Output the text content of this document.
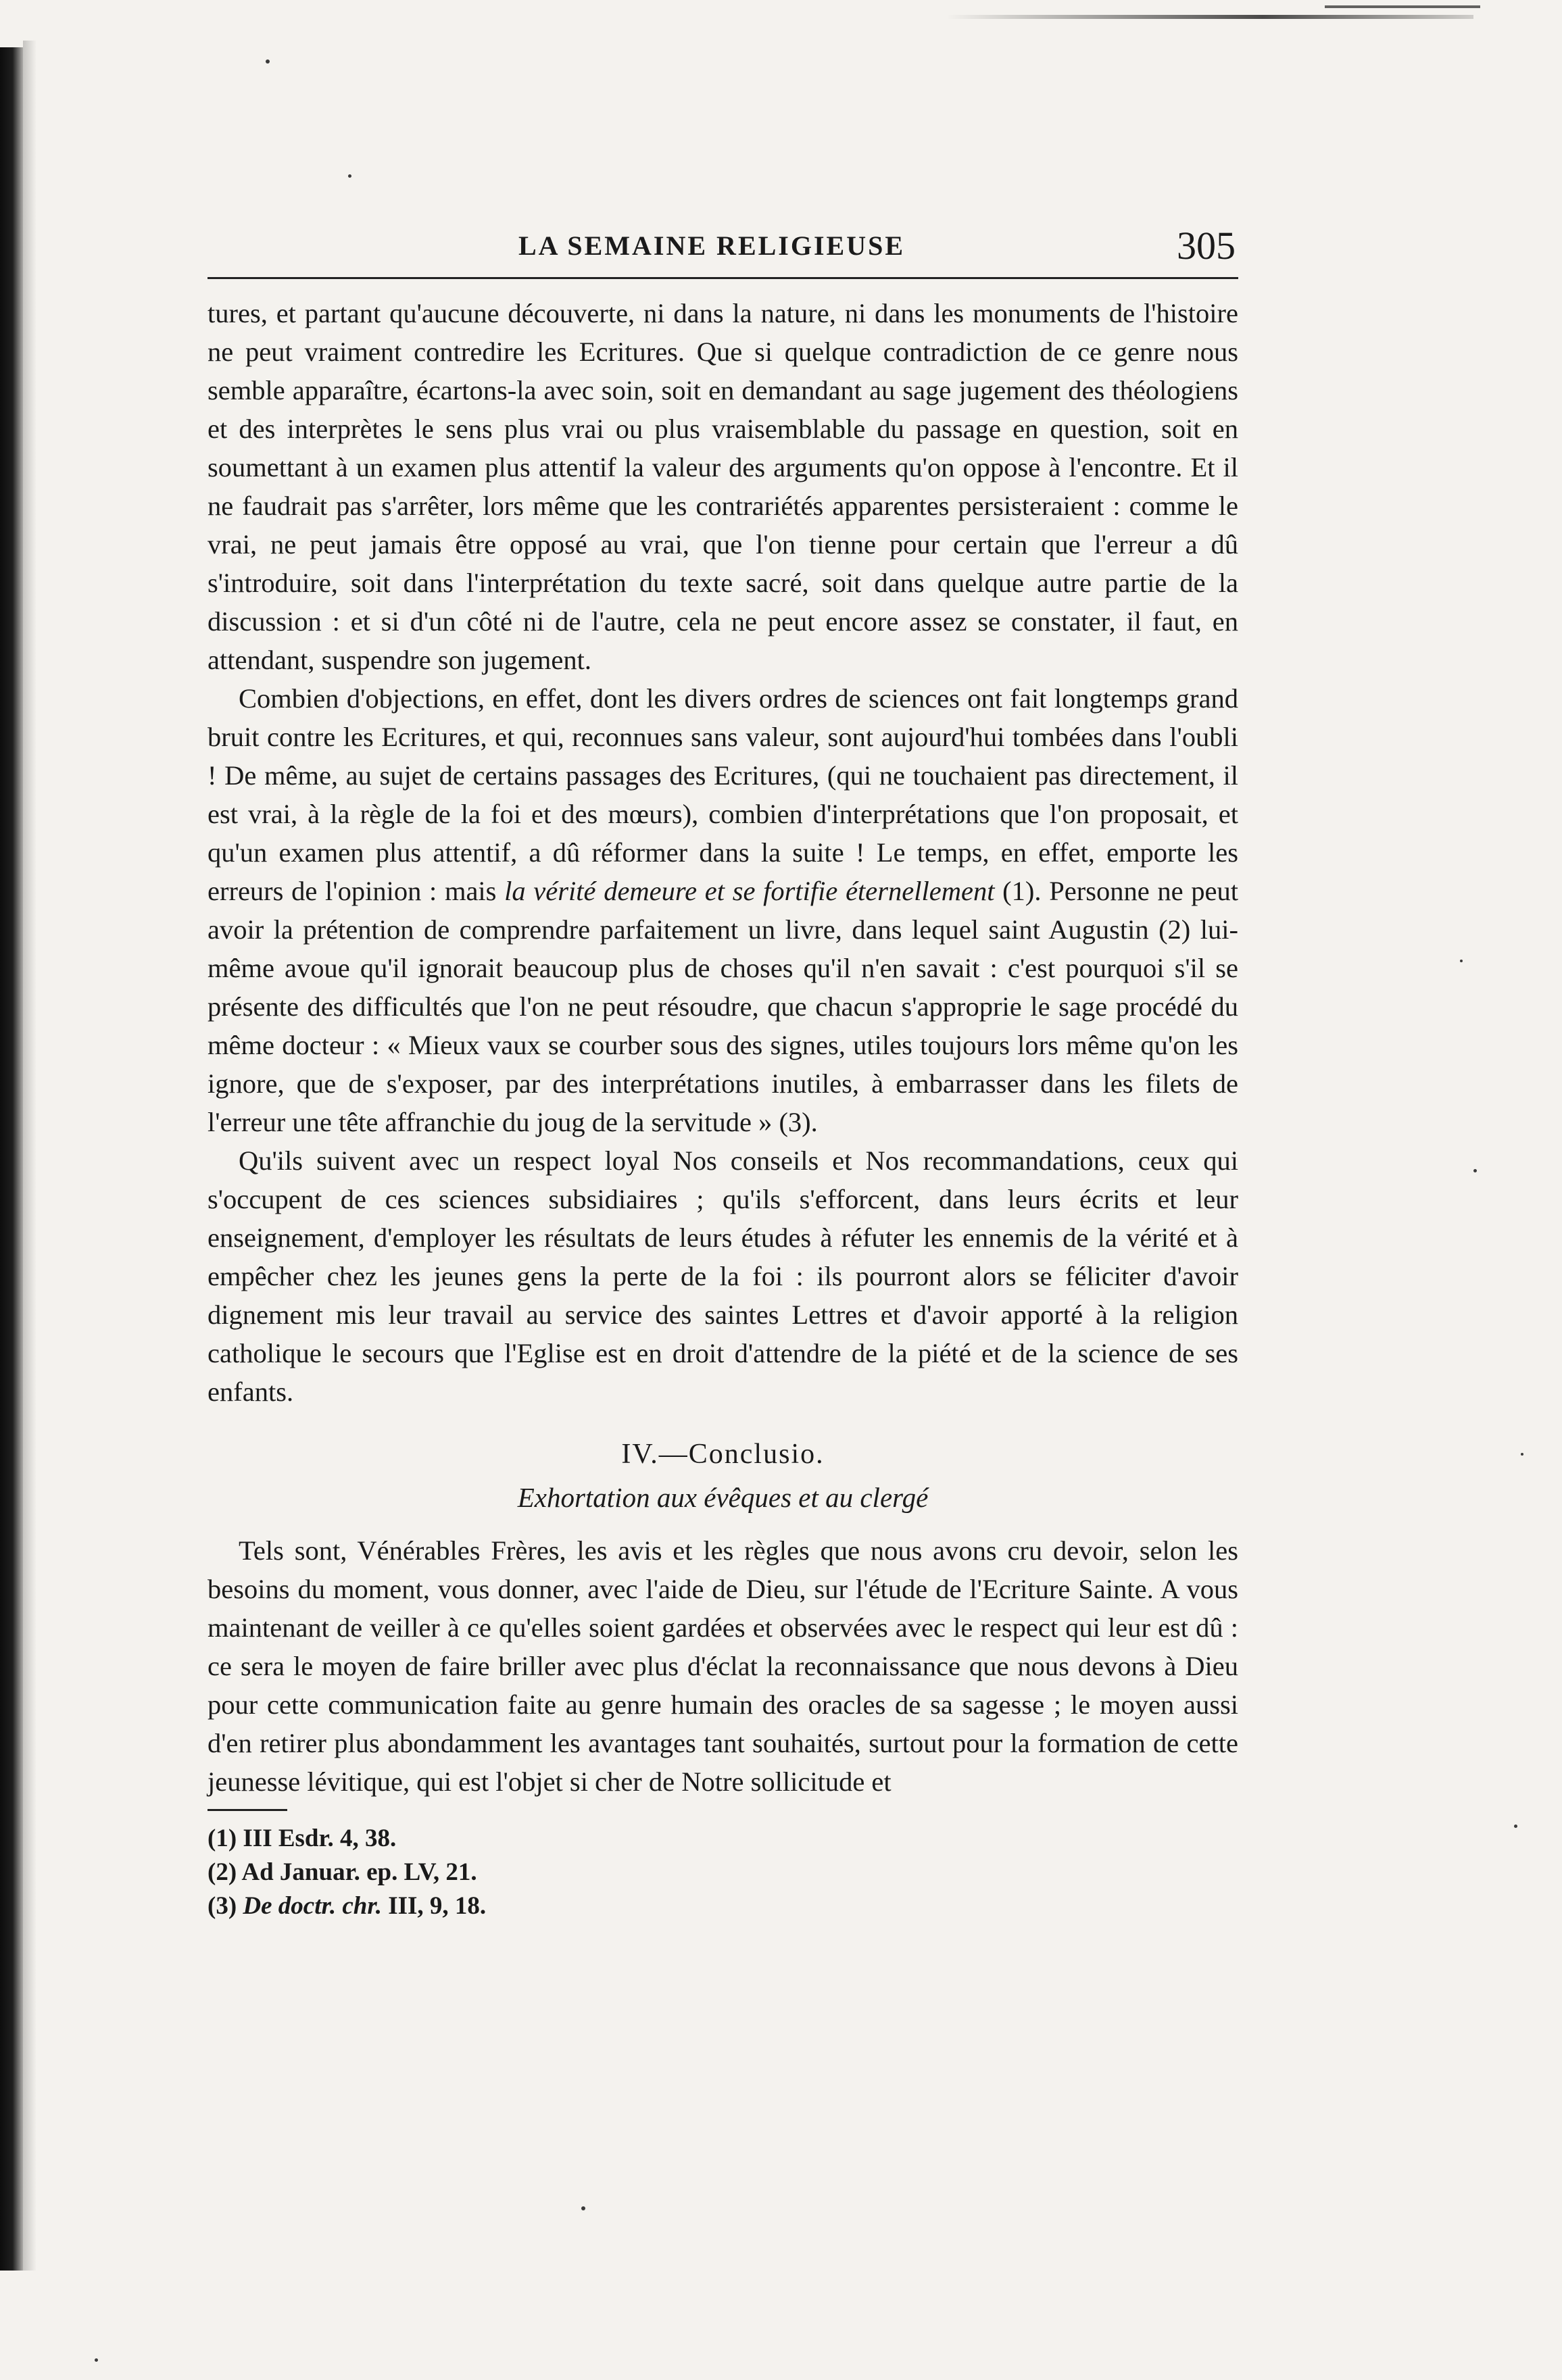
LA SEMAINE RELIGIEUSE	305

tures, et partant qu'aucune découverte, ni dans la nature, ni dans les monuments de l'histoire ne peut vraiment contredire les Ecritures. Que si quelque contradiction de ce genre nous semble apparaître, écartons-la avec soin, soit en demandant au sage jugement des théologiens et des interprètes le sens plus vrai ou plus vraisemblable du passage en question, soit en soumettant à un examen plus attentif la valeur des arguments qu'on oppose à l'encontre. Et il ne faudrait pas s'arrêter, lors même que les contrariétés apparentes persisteraient : comme le vrai, ne peut jamais être opposé au vrai, que l'on tienne pour certain que l'erreur a dû s'introduire, soit dans l'interprétation du texte sacré, soit dans quelque autre partie de la discussion : et si d'un côté ni de l'autre, cela ne peut encore assez se constater, il faut, en attendant, suspendre son jugement.

Combien d'objections, en effet, dont les divers ordres de sciences ont fait longtemps grand bruit contre les Ecritures, et qui, reconnues sans valeur, sont aujourd'hui tombées dans l'oubli ! De même, au sujet de certains passages des Ecritures, (qui ne touchaient pas directement, il est vrai, à la règle de la foi et des mœurs), combien d'interprétations que l'on proposait, et qu'un examen plus attentif, a dû réformer dans la suite ! Le temps, en effet, emporte les erreurs de l'opinion : mais la vérité demeure et se fortifie éternellement (1). Personne ne peut avoir la prétention de comprendre parfaitement un livre, dans lequel saint Augustin (2) lui-même avoue qu'il ignorait beaucoup plus de choses qu'il n'en savait : c'est pourquoi s'il se présente des difficultés que l'on ne peut résoudre, que chacun s'approprie le sage procédé du même docteur : « Mieux vaux se courber sous des signes, utiles toujours lors même qu'on les ignore, que de s'exposer, par des interprétations inutiles, à embarrasser dans les filets de l'erreur une tête affranchie du joug de la servitude » (3).

Qu'ils suivent avec un respect loyal Nos conseils et Nos recommandations, ceux qui s'occupent de ces sciences subsidiaires ; qu'ils s'efforcent, dans leurs écrits et leur enseignement, d'employer les résultats de leurs études à réfuter les ennemis de la vérité et à empêcher chez les jeunes gens la perte de la foi : ils pourront alors se féliciter d'avoir dignement mis leur travail au service des saintes Lettres et d'avoir apporté à la religion catholique le secours que l'Eglise est en droit d'attendre de la piété et de la science de ses enfants.

IV.—Conclusio.
Exhortation aux évêques et au clergé

Tels sont, Vénérables Frères, les avis et les règles que nous avons cru devoir, selon les besoins du moment, vous donner, avec l'aide de Dieu, sur l'étude de l'Ecriture Sainte. A vous maintenant de veiller à ce qu'elles soient gardées et observées avec le respect qui leur est dû : ce sera le moyen de faire briller avec plus d'éclat la reconnaissance que nous devons à Dieu pour cette communication faite au genre humain des oracles de sa sagesse ; le moyen aussi d'en retirer plus abondamment les avantages tant souhaités, surtout pour la formation de cette jeunesse lévitique, qui est l'objet si cher de Notre sollicitude et

(1) III Esdr. 4, 38.
(2) Ad Januar. ep. LV, 21.
(3) De doctr. chr. III, 9, 18.
